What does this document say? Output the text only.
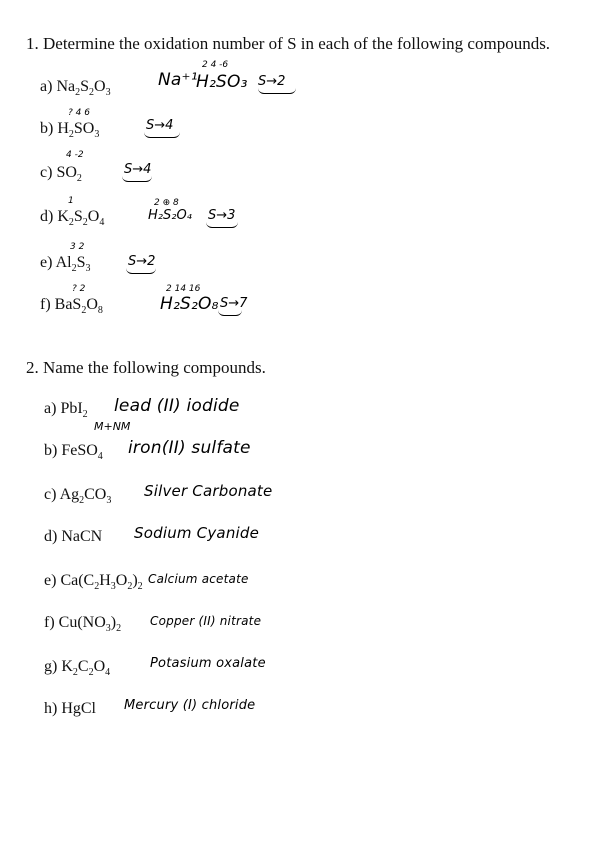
1. Determine the oxidation number of S in each of the following compounds.
a) $Na_2S_2O_3$
Na⁺¹
2 4 -6
H₂SO₃ S→2
? 4 6
b) $H_2SO_3$
S→4
4 -2
c) $SO_2$
S→4
1
d) $K_2S_2O_4$
2 ⊕ 8
H₂S₂O₄ S→3
3 2
e) $Al_2S_3$	S→2
? 2
f) $BaS_2O_8$
2 14 16
H₂S₂O₈ S→7
2. Name the following compounds.
a) PbI$_2$ lead (II) iodide
M+NM
b) FeSO$_4$ iron(II) sulfate
c) $Ag_2CO_3$
Silver Carbonate
d) NaCN Sodium Cyanide
e) $Ca(C_2H_3O_2)_2$
Calcium acetate
f) $Cu(NO_3)_2$
Copper (II) nitrate
g) $K_2C_2O_4$
Potasium oxalate
h) HgCl Mercury (I) chloride
